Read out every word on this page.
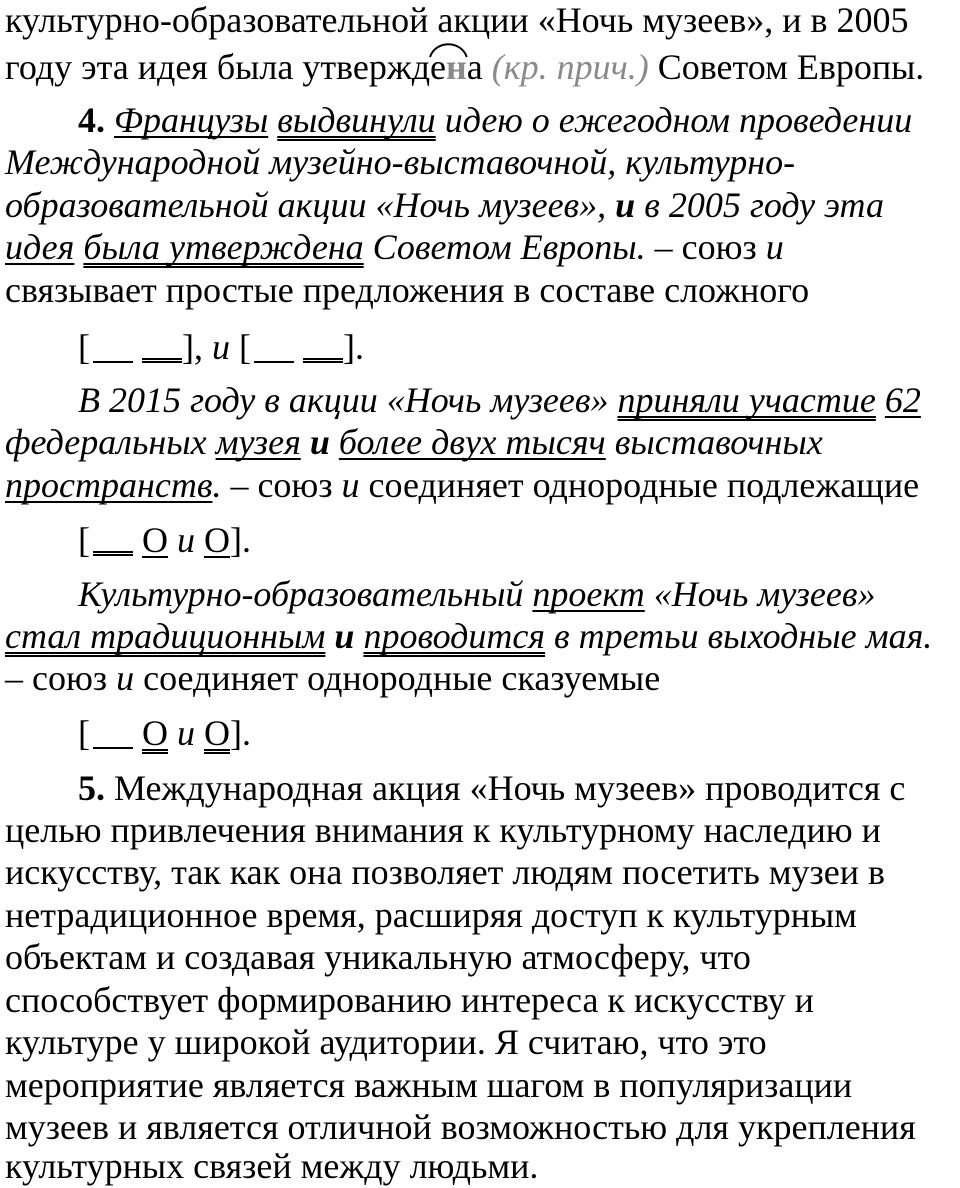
культурно-образовательной акции «Ночь музеев», и в 2005
году эта идея была утвержд
ена (кр. прич.) Советом Европы.
4. Французы выдвинули идею о ежегодном проведении
Международной музейно-выставочной, культурно-
образовательной акции «Ночь музеев», и в 2005 году эта
идея была утверждена Советом Европы. – союз и
связывает простые предложения в составе сложного
[	], и [	].
В 2015 году в акции «Ночь музеев» приняли участие 62
федеральных музея и более двух тысяч выставочных
пространств. – союз и соединяет однородные подлежащие
[ О и О].
Культурно-образовательный проект «Ночь музеев»
стал традиционным и проводится в третьи выходные мая.
– союз и соединяет однородные сказуемые
[ О и О].
5. Международная акция «Ночь музеев» проводится с
целью привлечения внимания к культурному наследию и
искусству, так как она позволяет людям посетить музеи в
нетрадиционное время, расширяя доступ к культурным
объектам и создавая уникальную атмосферу, что
способствует формированию интереса к искусству и
культуре у широкой аудитории. Я считаю, что это
мероприятие является важным шагом в популяризации
музеев и является отличной возможностью для укрепления
культурных связей между людьми.
